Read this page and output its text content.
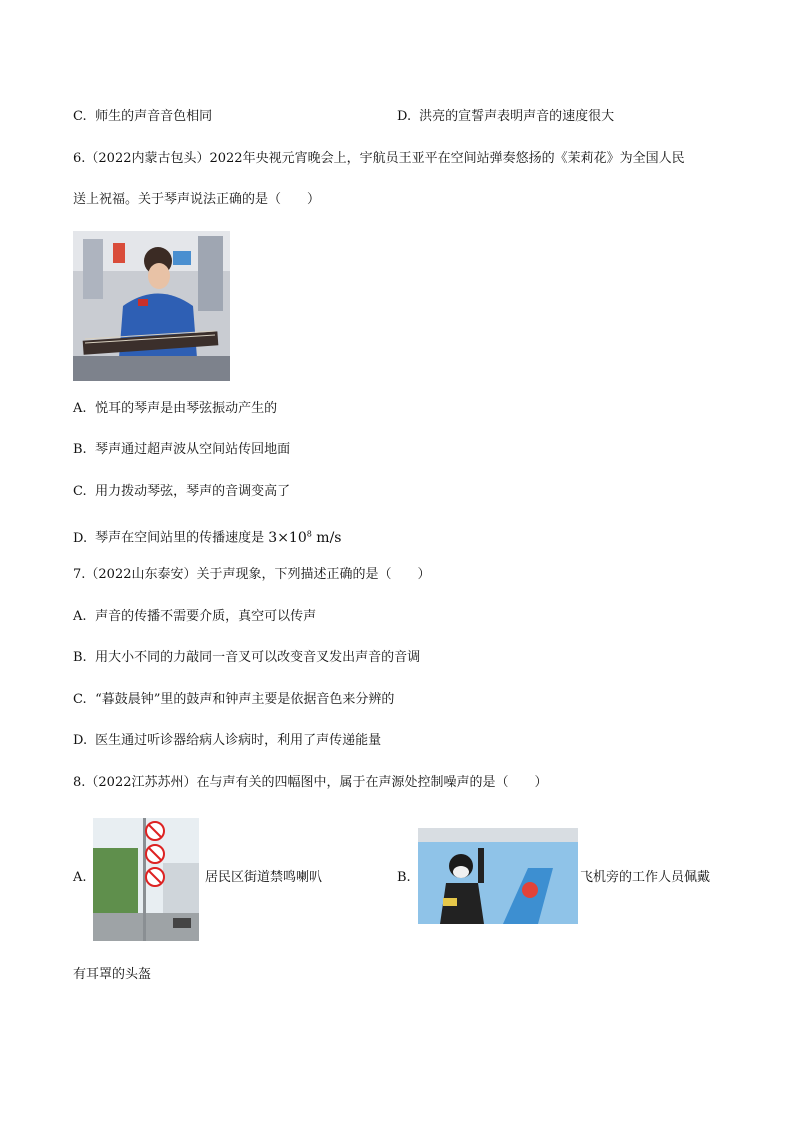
C. 师生的声音音色相同	D. 洪亮的宣誓声表明声音的速度很大
6.（2022内蒙古包头）2022年央视元宵晚会上，宇航员王亚平在空间站弹奏悠扬的《茉莉花》为全国人民
送上祝福。关于琴声说法正确的是（　　）
A. 悦耳的琴声是由琴弦振动产生的
B. 琴声通过超声波从空间站传回地面
C. 用力拨动琴弦，琴声的音调变高了
D. 琴声在空间站里的传播速度是 $3\times 10^8$ m/s
7.（2022山东泰安）关于声现象，下列描述正确的是（　　）
A. 声音的传播不需要介质，真空可以传声
B. 用大小不同的力敲同一音叉可以改变音叉发出声音的音调
C. “暮鼓晨钟”里的鼓声和钟声主要是依据音色来分辨的
D. 医生通过听诊器给病人诊病时，利用了声传递能量
8.（2022江苏苏州）在与声有关的四幅图中，属于在声源处控制噪声的是（　　）
A.	居民区街道禁鸣喇叭	B.	飞机旁的工作人员佩戴
有耳罩的头盔
